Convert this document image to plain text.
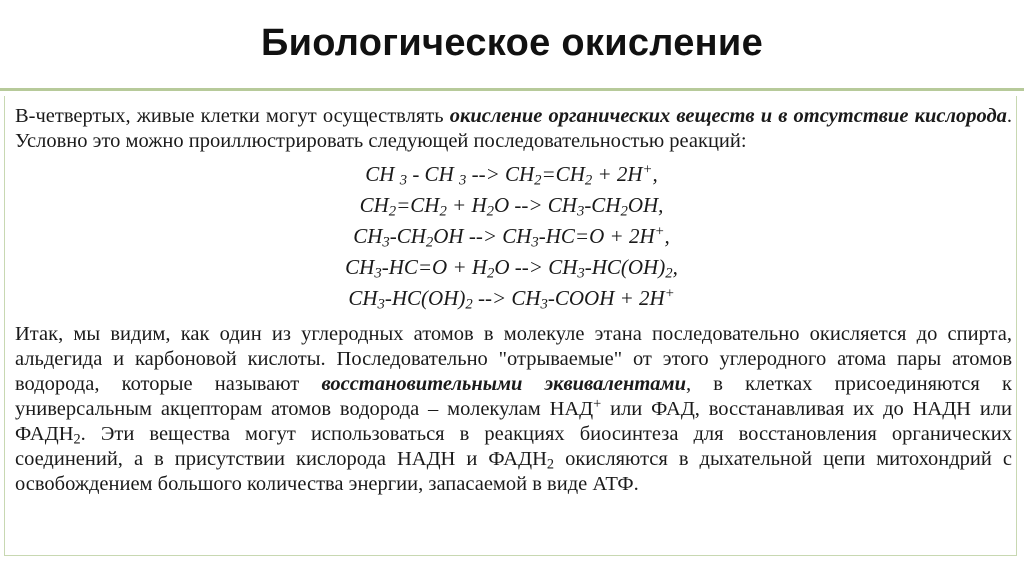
Биологическое окисление
В-четвертых, живые клетки могут осуществлять окисление органических веществ и в отсутствие кислорода. Условно это можно проиллюстрировать следующей последовательностью реакций:
CH $_3$ - CH $_3$ --> $CH_2=CH_2 + 2H^+$,
$CH_2=CH_2 + H_2O$ --> $CH_3-CH_2OH$,
$CH_3-CH_2OH$ --> $CH_3-HC=O + 2H^+$,
$CH_3-HC=O + H_2O$ --> $CH_3-HC(OH)_2$,
$CH_3-HC(OH)_2$ --> $CH_3$-COOH + 2H+
Итак, мы видим, как один из углеродных атомов в молекуле этана последовательно окисляется до спирта, альдегида и карбоновой кислоты. Последовательно "отрываемые" от этого углеродного атома пары атомов водорода, которые называют восстановительными эквивалентами, в клетках присоединяются к универсальным акцепторам атомов водорода – молекулам НАД+ или ФАД, восстанавливая их до НАДН или $ФАДН_2$. Эти вещества могут использоваться в реакциях биосинтеза для восстановления органических соединений, а в присутствии кислорода НАДН и $ФАДН_2$ окисляются в дыхательной цепи митохондрий с освобождением большого количества энергии, запасаемой в виде АТФ.
